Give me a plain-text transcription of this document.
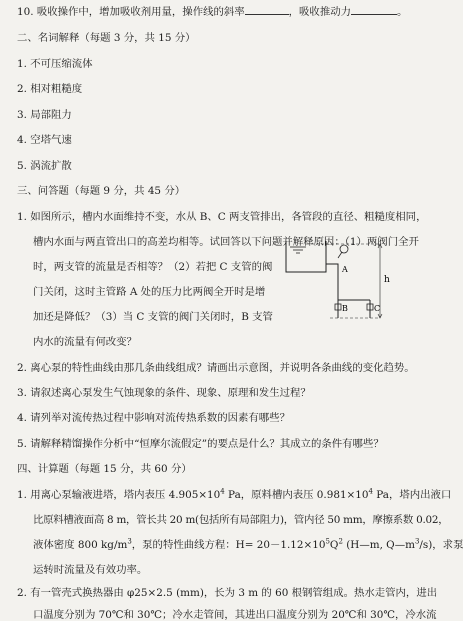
10. 吸收操作中，增加吸收剂用量，操作线的斜率	，吸收推动力	。
二、名词解释（每题 3 分，共 15 分）
1. 不可压缩流体
2. 相对粗糙度
3. 局部阻力
4. 空塔气速
5. 涡流扩散
三、问答题（每题 9 分，共 45 分）
1. 如图所示，槽内水面维持不变，水从 B、C 两支管排出，各管段的直径、粗糙度相同，
槽内水面与两直管出口的高差均相等。试回答以下问题并解释原因：（1）两阀门全开
时，两支管的流量是否相等？（2）若把 C 支管的阀
门关闭，这时主管路 A 处的压力比两阀全开时是增
加还是降低？（3）当 C 支管的阀门关闭时，B 支管
内水的流量有何改变？
A
B	C
h
2. 离心泵的特性曲线由那几条曲线组成？请画出示意图，并说明各条曲线的变化趋势。
3. 请叙述离心泵发生气蚀现象的条件、现象、原理和发生过程？
4. 请列举对流传热过程中影响对流传热系数的因素有哪些？
5. 请解释精馏操作分析中“恒摩尔流假定”的要点是什么？其成立的条件有哪些？
四、计算题（每题 15 分，共 60 分）
1. 用离心泵输液进塔，塔内表压 $4.905\times 10^4$ Pa，原料槽内表压 $0.981\times 10^4$ Pa，塔内出液口
比原料槽液面高 8 m，管长共 20 m(包括所有局部阻力)，管内径 50 mm，摩擦系数 0.02，
液体密度 800 $kg/m^3$，泵的特性曲线方程：$H= 20-1.12\times 10^5Q^2$ (H—m, $Q—m^3/s$)，求泵
运转时流量及有效功率。
2. 有一管壳式换热器由 φ25×2.5 (mm)，长为 3 m 的 60 根钢管组成。热水走管内，进出
口温度分别为 70℃和 30℃；冷水走管间，其进出口温度分别为 20℃和 30℃，冷水流
